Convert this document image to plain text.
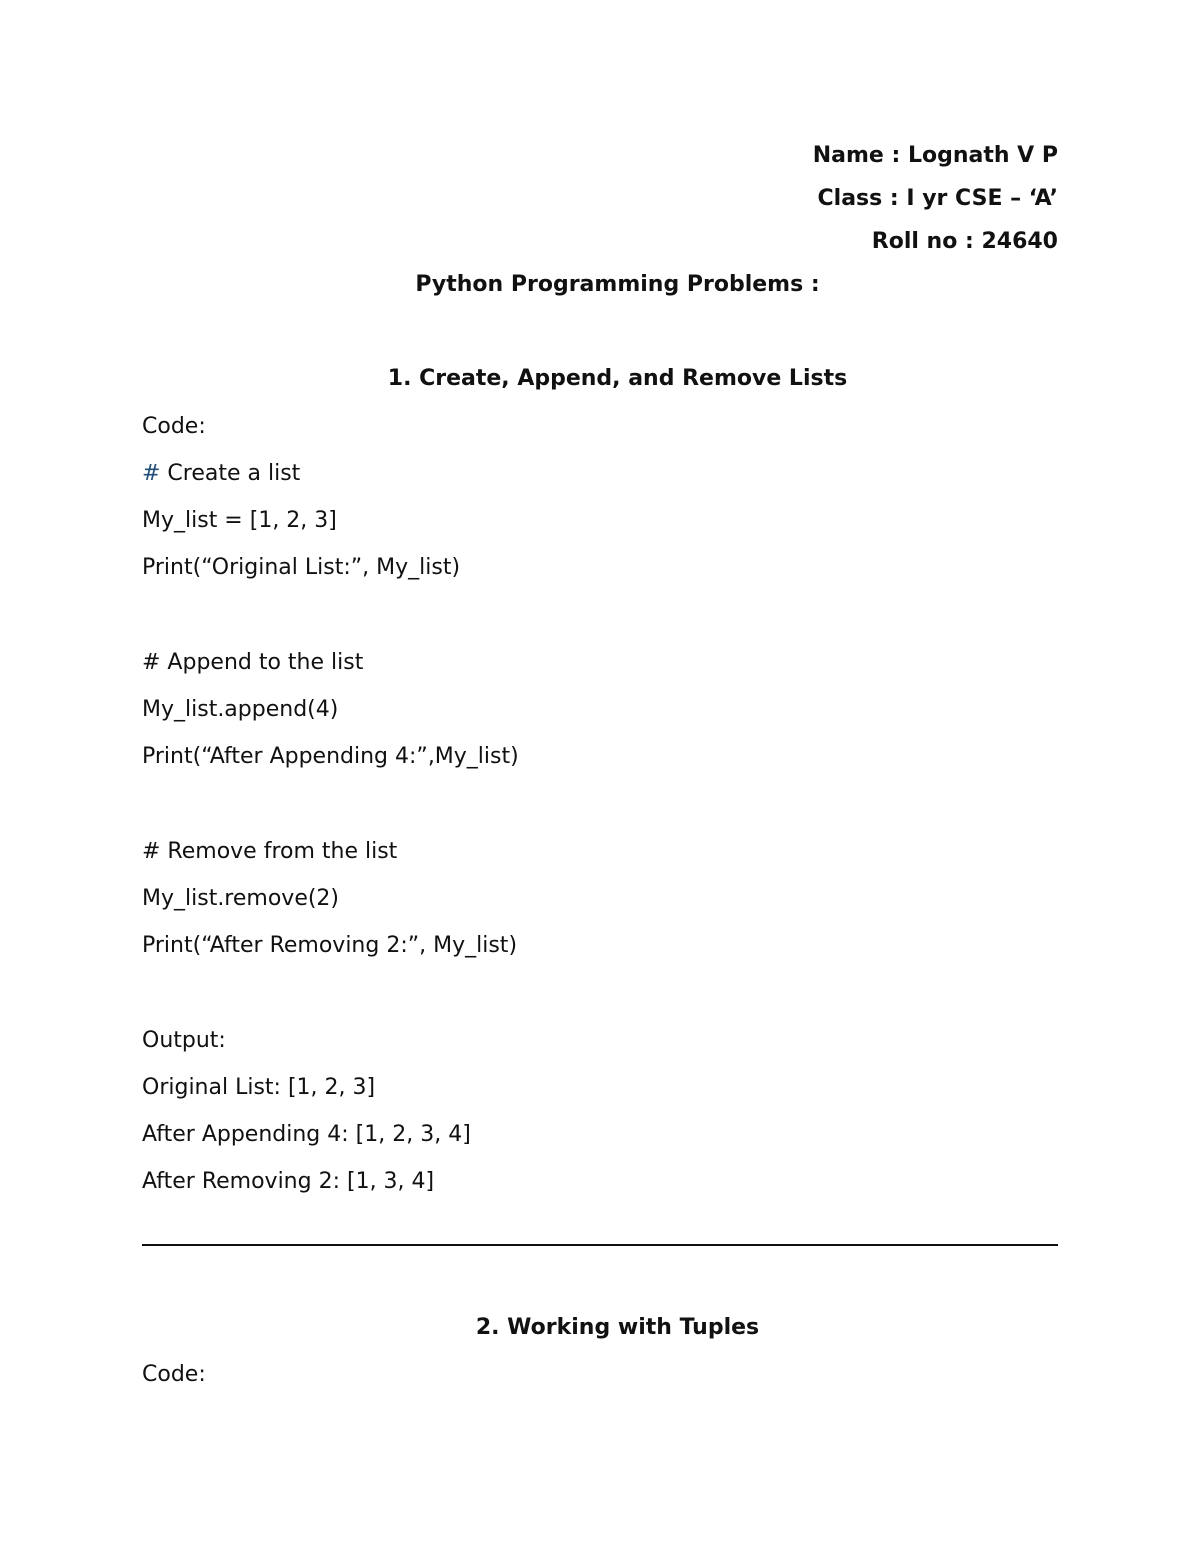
Name : Lognath V P
Class : I yr CSE – ‘A’
Roll no : 24640
Python Programming Problems :
1. Create, Append, and Remove Lists
Code:
# Create a list
My_list = [1, 2, 3]
Print(“Original List:”, My_list)
# Append to the list
My_list.append(4)
Print(“After Appending 4:”,My_list)
# Remove from the list
My_list.remove(2)
Print(“After Removing 2:”, My_list)
Output:
Original List: [1, 2, 3]
After Appending 4: [1, 2, 3, 4]
After Removing 2: [1, 3, 4]
2. Working with Tuples
Code:
